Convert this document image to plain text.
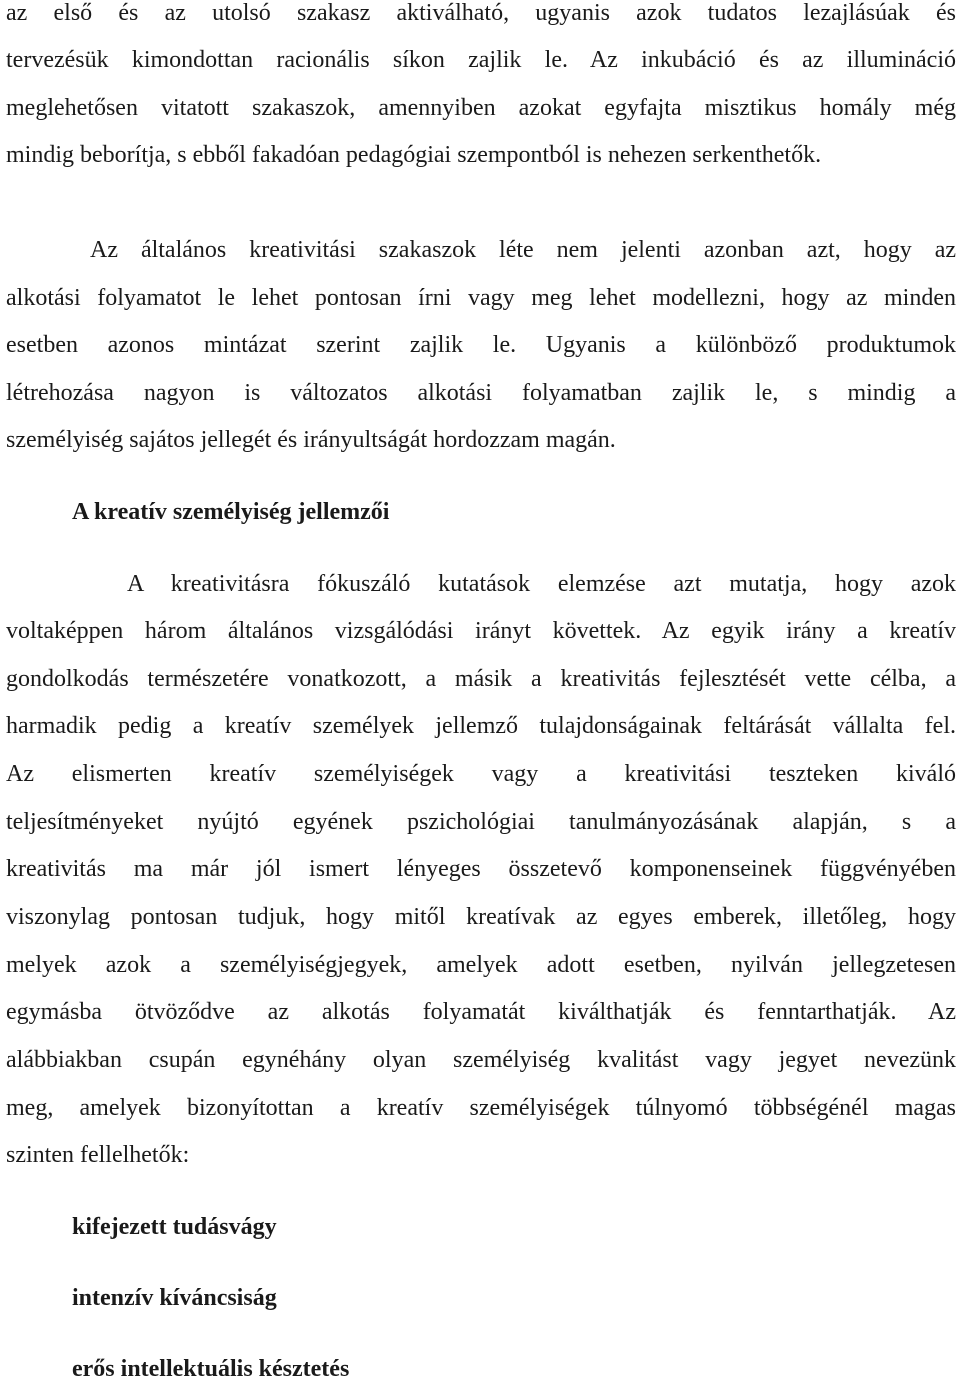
az első és az utolsó szakasz aktiválható, ugyanis azok tudatos lezajlásúak és
tervezésük kimondottan racionális síkon zajlik le. Az inkubáció és az illumináció
meglehetősen vitatott szakaszok, amennyiben azokat egyfajta misztikus homály még
mindig beborítja, s ebből fakadóan pedagógiai szempontból is nehezen serkenthetők.
Az általános kreativitási szakaszok léte nem jelenti azonban azt, hogy az
alkotási folyamatot le lehet pontosan írni vagy meg lehet modellezni, hogy az minden
esetben azonos mintázat szerint zajlik le. Ugyanis a különböző produktumok
létrehozása nagyon is változatos alkotási folyamatban zajlik le, s mindig a
személyiség sajátos jellegét és irányultságát hordozzam magán.
A kreatív személyiség jellemzői
A kreativitásra fókuszáló kutatások elemzése azt mutatja, hogy azok
voltaképpen három általános vizsgálódási irányt követtek. Az egyik irány a kreatív
gondolkodás természetére vonatkozott, a másik a kreativitás fejlesztését vette célba, a
harmadik pedig a kreatív személyek jellemző tulajdonságainak feltárását vállalta fel.
Az elismerten kreatív személyiségek vagy a kreativitási teszteken kiváló
teljesítményeket nyújtó egyének pszichológiai tanulmányozásának alapján, s a
kreativitás ma már jól ismert lényeges összetevő komponenseinek függvényében
viszonylag pontosan tudjuk, hogy mitől kreatívak az egyes emberek, illetőleg, hogy
melyek azok a személyiségjegyek, amelyek adott esetben, nyilván jellegzetesen
egymásba ötvöződve az alkotás folyamatát kiválthatják és fenntarthatják. Az
alábbiakban csupán egynéhány olyan személyiség kvalitást vagy jegyet nevezünk
meg, amelyek bizonyítottan a kreatív személyiségek túlnyomó többségénél magas
szinten fellelhetők:
kifejezett tudásvágy
intenzív kíváncsiság
erős intellektuális késztetés
